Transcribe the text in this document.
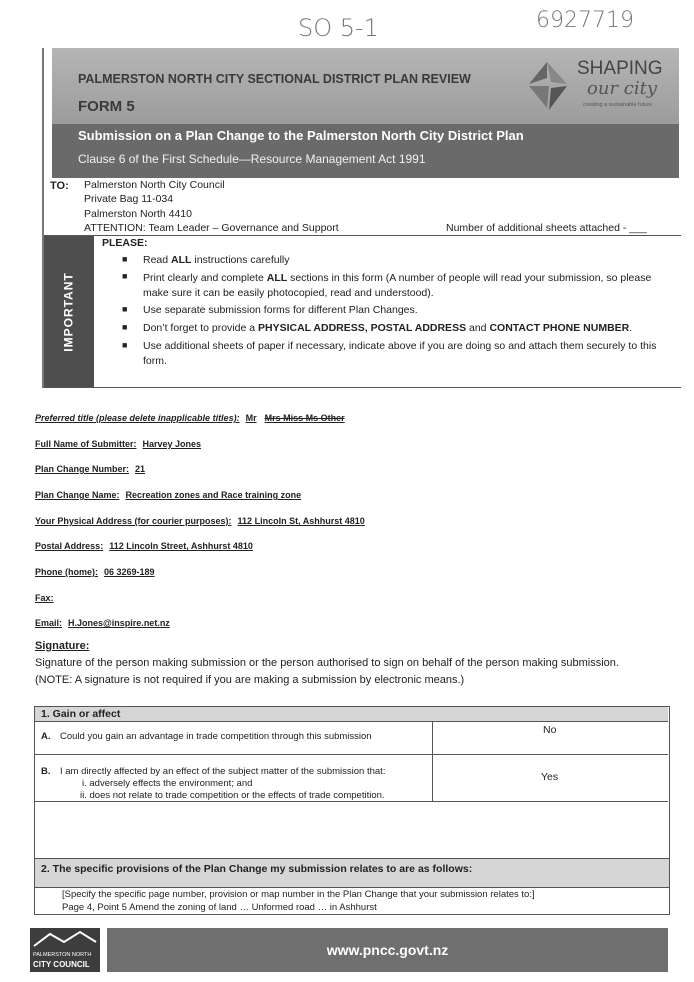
SO 5-1	6927719
PALMERSTON NORTH CITY SECTIONAL DISTRICT PLAN REVIEW
FORM 5
Submission on a Plan Change to the Palmerston North City District Plan
Clause 6 of the First Schedule—Resource Management Act 1991
SHAPING
our city
creating a sustainable future
TO: Palmerston North City Council
Private Bag 11-034
Palmerston North 4410
ATTENTION: Team Leader – Governance and Support	Number of additional sheets attached - ___
IMPORTANT
PLEASE:
■ Read ALL instructions carefully
■ Print clearly and complete ALL sections in this form (A number of people will read your submission, so please make sure it can be easily photocopied, read and understood).
■ Use separate submission forms for different Plan Changes.
■ Don’t forget to provide a PHYSICAL ADDRESS, POSTAL ADDRESS and CONTACT PHONE NUMBER.
■ Use additional sheets of paper if necessary, indicate above if you are doing so and attach them securely to this form.
Preferred title (please delete inapplicable titles): Mr Mrs Miss Ms Other
Full Name of Submitter: Harvey Jones
Plan Change Number: 21
Plan Change Name: Recreation zones and Race training zone
Your Physical Address (for courier purposes): 112 Lincoln St, Ashhurst 4810
Postal Address: 112 Lincoln Street, Ashhurst 4810
Phone (home): 06 3269-189
Fax:
Email: H.Jones@inspire.net.nz
Signature:
Signature of the person making submission or the person authorised to sign on behalf of the person making submission.
(NOTE: A signature is not required if you are making a submission by electronic means.)
1. Gain or affect
A. Could you gain an advantage in trade competition through this submission
No
B. I am directly affected by an effect of the subject matter of the submission that:
i. adversely effects the environment; and
ii. does not relate to trade competition or the effects of trade competition.
Yes
2. The specific provisions of the Plan Change my submission relates to are as follows:
[Specify the specific page number, provision or map number in the Plan Change that your submission relates to:]
Page 4, Point 5 Amend the zoning of land … Unformed road … in Ashhurst
PALMERSTON NORTH
CITY COUNCIL
www.pncc.govt.nz
